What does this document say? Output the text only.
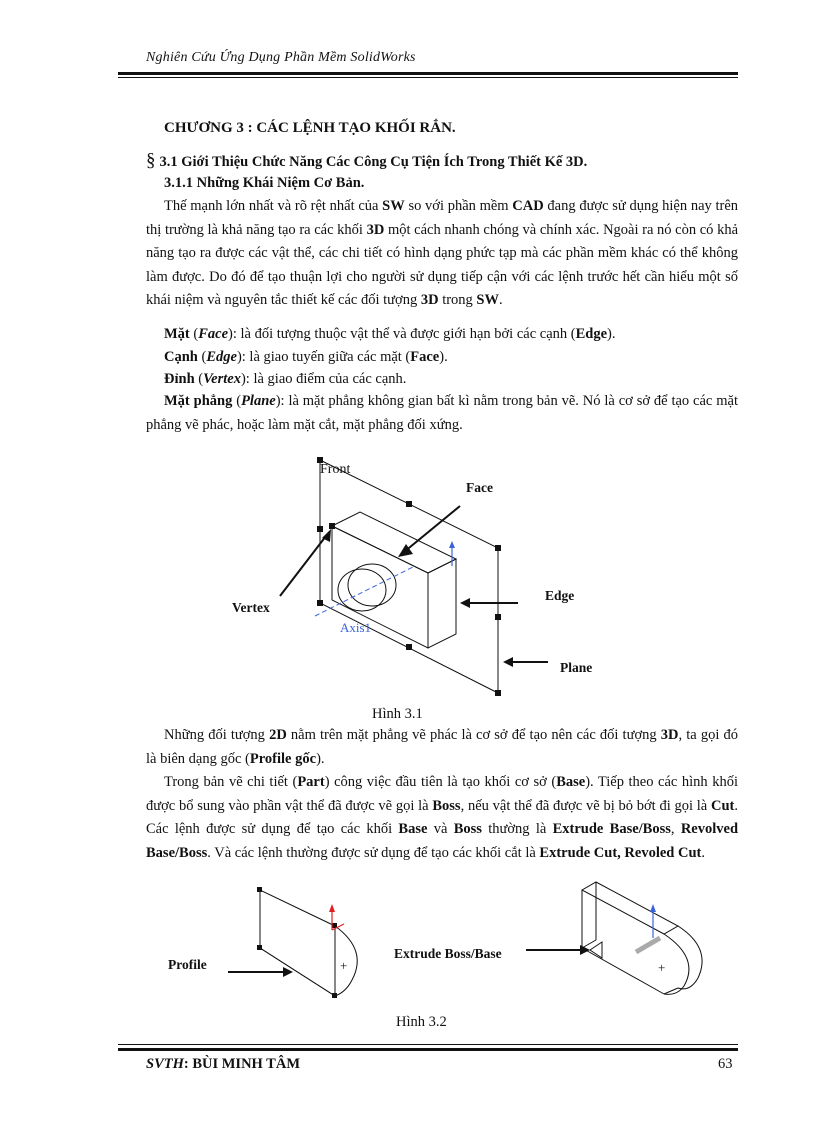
Nghiên Cứu Ứng Dụng Phần Mềm SolidWorks
CHƯƠNG 3 : CÁC LỆNH TẠO KHỐI RẮN.
§ 3.1 Giới Thiệu Chức Năng Các Công Cụ Tiện Ích Trong Thiết Kế 3D.
3.1.1 Những Khái Niệm Cơ Bản.

Thế mạnh lớn nhất và rõ rệt nhất của SW so với phần mềm CAD đang được sử dụng hiện nay trên thị trường là khả năng tạo ra các khối 3D một cách nhanh chóng và chính xác. Ngoài ra nó còn có khả năng tạo ra được các vật thể, các chi tiết có hình dạng phức tạp mà các phần mềm khác có thể không làm được. Do đó để tạo thuận lợi cho người sử dụng tiếp cận với các lệnh trước hết cần hiểu một số khái niệm và nguyên tắc thiết kế các đối tượng 3D trong SW.

Mặt (Face): là đối tượng thuộc vật thể và được giới hạn bởi các cạnh (Edge).

Cạnh (Edge): là giao tuyến giữa các mặt (Face).

Đỉnh (Vertex): là giao điểm của các cạnh.

Mặt phẳng (Plane): là mặt phẳng không gian bất kì nằm trong bản vẽ. Nó là cơ sở để tạo các mặt phẳng vẽ phác, hoặc làm mặt cắt, mặt phẳng đối xứng.

Axis1
Front
Face
Edge
Plane
Vertex
Hình 3.1

Những đối tượng 2D nằm trên mặt phẳng vẽ phác là cơ sở để tạo nên các đối tượng 3D, ta gọi đó là biên dạng gốc (Profile gốc).

Trong bản vẽ chi tiết (Part) công việc đầu tiên là tạo khối cơ sở (Base). Tiếp theo các hình khối được bổ sung vào phần vật thể đã được vẽ gọi là Boss, nếu vật thể đã được vẽ bị bỏ bớt đi gọi là Cut. Các lệnh được sử dụng để tạo các khối Base và Boss thường là Extrude Base/Boss, Revolved Base/Boss. Và các lệnh thường được sử dụng để tạo các khối cắt là Extrude Cut, Revoled Cut.

+
Profile
Extrude Boss/Base
+
Hình 3.2
SVTH: BÙI MINH TÂM	63
